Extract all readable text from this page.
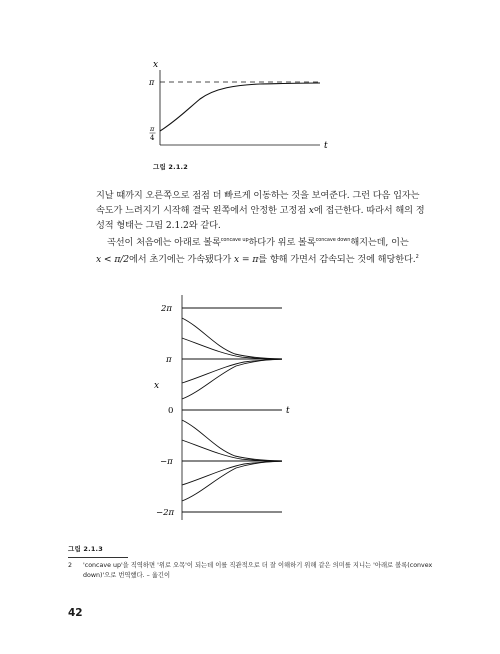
x
t
π
π
4
그림 2.1.2

지날 때까지 오른쪽으로 점점 더 빠르게 이동하는 것을 보여준다. 그런 다음 입자는

속도가 느려지기 시작해 결국 왼쪽에서 안정한 고정점 x에 접근한다. 따라서 해의 정

성적 형태는 그림 2.1.2와 같다.

곡선이 처음에는 아래로 볼록$^{concave up}$하다가 위로 볼록$^{concave down}$해지는데, 이는

x < π/2에서 초기에는 가속됐다가 x = π를 향해 가면서 감속되는 것에 해당한다.$^2$

2π
π
x
0	t
−π
−2π
그림 2.1.3
2 'concave up'을 직역하면 '위로 오목'이 되는데 이를 직관적으로 더 잘 이해하기 위해 같은 의미를 지니는 '아래로 볼록(convex
down)'으로 번역했다. – 옮긴이
42
